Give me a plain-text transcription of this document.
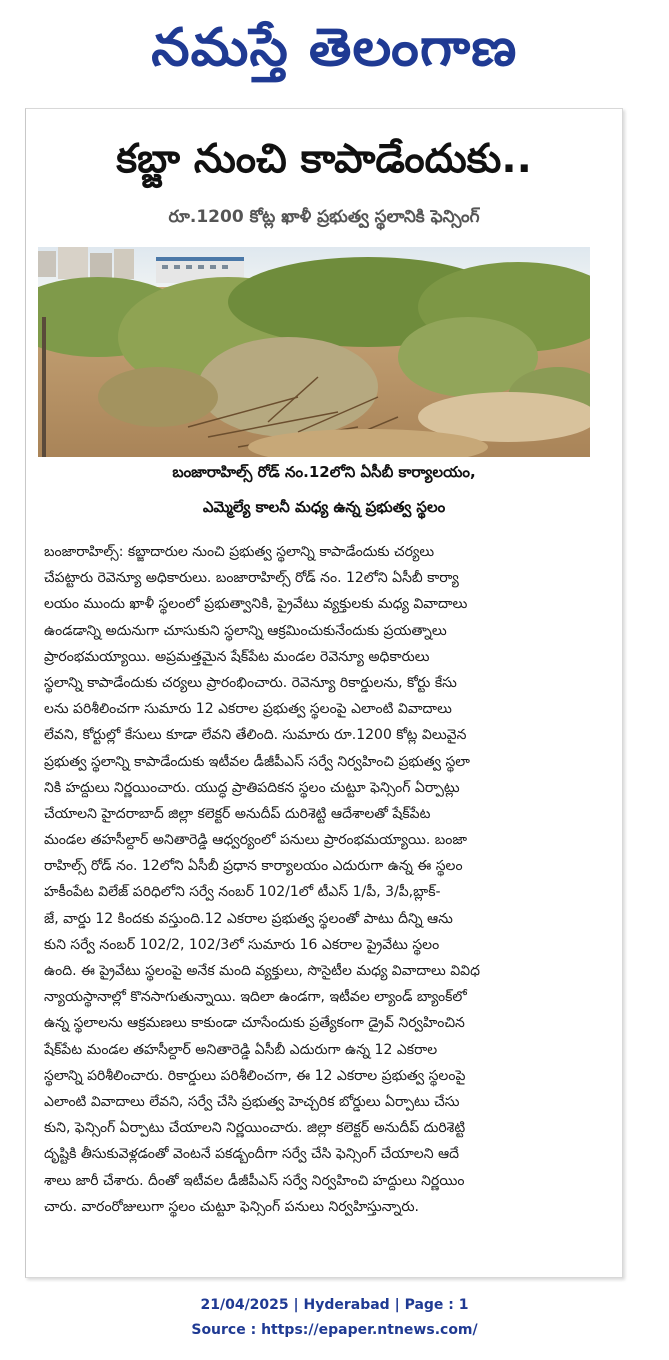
నమస్తే తెలంగాణ
కబ్జా నుంచి కాపాడేందుకు..
రూ.1200 కోట్ల ఖాళీ ప్రభుత్వ స్థలానికి ఫెన్సింగ్
బంజారాహిల్స్ రోడ్ నం.12లోని ఏసీబీ కార్యాలయం,
ఎమ్మెల్యే కాలనీ మధ్య ఉన్న ప్రభుత్వ స్థలం
బంజారాహిల్స్: కబ్జాదారుల నుంచి ప్రభుత్వ స్థలాన్ని కాపాడేందుకు చర్యలు
చేపట్టారు రెవెన్యూ అధికారులు. బంజారాహిల్స్ రోడ్ నం. 12లోని ఏసీబీ కార్యా
లయం ముందు ఖాళీ స్థలంలో ప్రభుత్వానికి, ప్రైవేటు వ్యక్తులకు మధ్య వివాదాలు
ఉండడాన్ని అదునుగా చూసుకుని స్థలాన్ని ఆక్రమించుకునేందుకు ప్రయత్నాలు
ప్రారంభమయ్యాయి. అప్రమత్తమైన షేక్‌పేట మండల రెవెన్యూ అధికారులు
స్థలాన్ని కాపాడేందుకు చర్యలు ప్రారంభించారు. రెవెన్యూ రికార్డులను, కోర్టు కేసు
లను పరిశీలించగా సుమారు 12 ఎకరాల ప్రభుత్వ స్థలంపై ఎలాంటి వివాదాలు
లేవని, కోర్టుల్లో కేసులు కూడా లేవని తేలింది. సుమారు రూ.1200 కోట్ల విలువైన
ప్రభుత్వ స్థలాన్ని కాపాడేందుకు ఇటీవల డీజీపీఎస్ సర్వే నిర్వహించి ప్రభుత్వ స్థలా
నికి హద్దులు నిర్ణయించారు. యుద్ధ ప్రాతిపదికన స్థలం చుట్టూ ఫెన్సింగ్ ఏర్పాట్లు
చేయాలని హైదరాబాద్ జిల్లా కలెక్టర్ అనుదీప్ దురిశెట్టి ఆదేశాలతో షేక్‌పేట
మండల తహసీల్దార్ అనితారెడ్డి ఆధ్వర్యంలో పనులు ప్రారంభమయ్యాయి. బంజా
రాహిల్స్ రోడ్ నం. 12లోని ఏసీబీ ప్రధాన కార్యాలయం ఎదురుగా ఉన్న ఈ స్థలం
హకీంపేట విలేజ్ పరిధిలోని సర్వే నంబర్ 102/1లో టీఎస్ 1/పీ, 3/పీ,బ్లాక్-
జే, వార్డు 12 కిందకు వస్తుంది.12 ఎకరాల ప్రభుత్వ స్థలంతో పాటు దీన్ని ఆను
కుని సర్వే నంబర్ 102/2, 102/3లో సుమారు 16 ఎకరాల ప్రైవేటు స్థలం
ఉంది. ఈ ప్రైవేటు స్థలంపై అనేక మంది వ్యక్తులు, సొసైటీల మధ్య వివాదాలు వివిధ
న్యాయస్థానాల్లో కొనసాగుతున్నాయి. ఇదిలా ఉండగా, ఇటీవల ల్యాండ్ బ్యాంక్‌లో
ఉన్న స్థలాలను ఆక్రమణలు కాకుండా చూసేందుకు ప్రత్యేకంగా డ్రైవ్ నిర్వహించిన
షేక్‌పేట మండల తహసీల్దార్ అనితారెడ్డి ఏసీబీ ఎదురుగా ఉన్న 12 ఎకరాల
స్థలాన్ని పరిశీలించారు. రికార్డులు పరిశీలించగా, ఈ 12 ఎకరాల ప్రభుత్వ స్థలంపై
ఎలాంటి వివాదాలు లేవని, సర్వే చేసి ప్రభుత్వ హెచ్చరిక బోర్డులు ఏర్పాటు చేసు
కుని, ఫెన్సింగ్ ఏర్పాటు చేయాలని నిర్ణయించారు. జిల్లా కలెక్టర్ అనుదీప్ దురిశెట్టి
దృష్టికి తీసుకువెళ్లడంతో వెంటనే పకడ్బందీగా సర్వే చేసి ఫెన్సింగ్ చేయాలని ఆదే
శాలు జారీ చేశారు. దీంతో ఇటీవల డీజీపీఎస్ సర్వే నిర్వహించి హద్దులు నిర్ణయిం
చారు. వారంరోజులుగా స్థలం చుట్టూ ఫెన్సింగ్ పనులు నిర్వహిస్తున్నారు.
21/04/2025 | Hyderabad | Page : 1
Source : https://epaper.ntnews.com/
